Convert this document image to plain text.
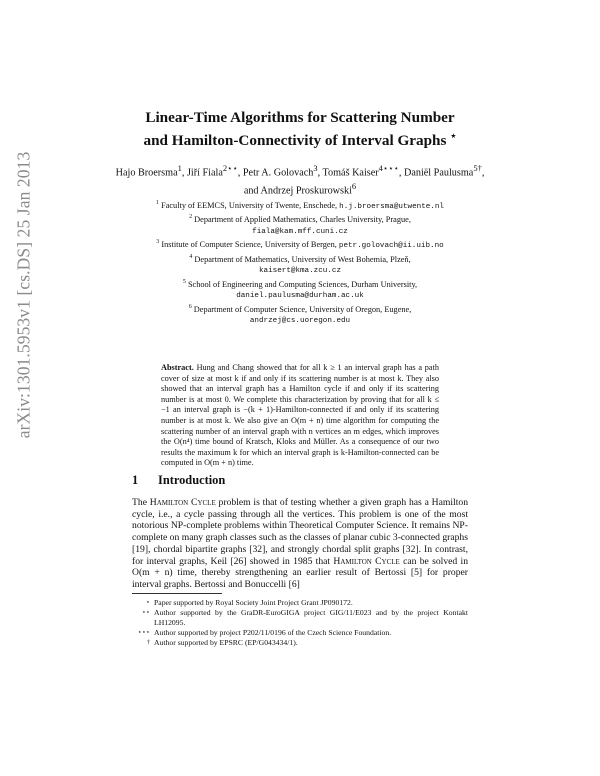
arXiv:1301.5953v1 [cs.DS] 25 Jan 2013
Linear-Time Algorithms for Scattering Number
and Hamilton-Connectivity of Interval Graphs ⋆
Hajo Broersma$^1$, Jiří Fiala$^{2⋆⋆}$, Petr A. Golovach$^3$, Tomáš Kaiser$^{4⋆⋆⋆}$, Daniël Paulusma$^{5\dagger}$, and Andrzej Proskurowski$^6$
$^1$ Faculty of EEMCS, University of Twente, Enschede, h.j.broersma@utwente.nl
$^2$ Department of Applied Mathematics, Charles University, Prague,
fiala@kam.mff.cuni.cz
$^3$ Institute of Computer Science, University of Bergen, petr.golovach@ii.uib.no
$^4$ Department of Mathematics, University of West Bohemia, Plzeň,
kaisert@kma.zcu.cz
$^5$ School of Engineering and Computing Sciences, Durham University,
daniel.paulusma@durham.ac.uk
$^6$ Department of Computer Science, University of Oregon, Eugene,
andrzej@cs.uoregon.edu
Abstract. Hung and Chang showed that for all k ≥ 1 an interval graph has a path cover of size at most k if and only if its scattering number is at most k. They also showed that an interval graph has a Hamilton cycle if and only if its scattering number is at most 0. We complete this characterization by proving that for all k ≤ −1 an interval graph is −(k + 1)-Hamilton-connected if and only if its scattering number is at most k. We also give an O(m + n) time algorithm for computing the scattering number of an interval graph with n vertices an m edges, which improves the O(n⁴) time bound of Kratsch, Kloks and Müller. As a consequence of our two results the maximum k for which an interval graph is k-Hamilton-connected can be computed in O(m + n) time.
1 Introduction
The Hamilton Cycle problem is that of testing whether a given graph has a Hamilton cycle, i.e., a cycle passing through all the vertices. This problem is one of the most notorious NP-complete problems within Theoretical Computer Science. It remains NP-complete on many graph classes such as the classes of planar cubic 3-connected graphs [19], chordal bipartite graphs [32], and strongly chordal split graphs [32]. In contrast, for interval graphs, Keil [26] showed in 1985 that Hamilton Cycle can be solved in O(m + n) time, thereby strengthening an earlier result of Bertossi [5] for proper interval graphs. Bertossi and Bonuccelli [6]
⋆ Paper supported by Royal Society Joint Project Grant JP090172.
⋆⋆ Author supported by the GraDR-EuroGIGA project GIG/11/E023 and by the project Kontakt LH12095.
⋆⋆⋆ Author supported by project P202/11/0196 of the Czech Science Foundation.
† Author supported by EPSRC (EP/G043434/1).
